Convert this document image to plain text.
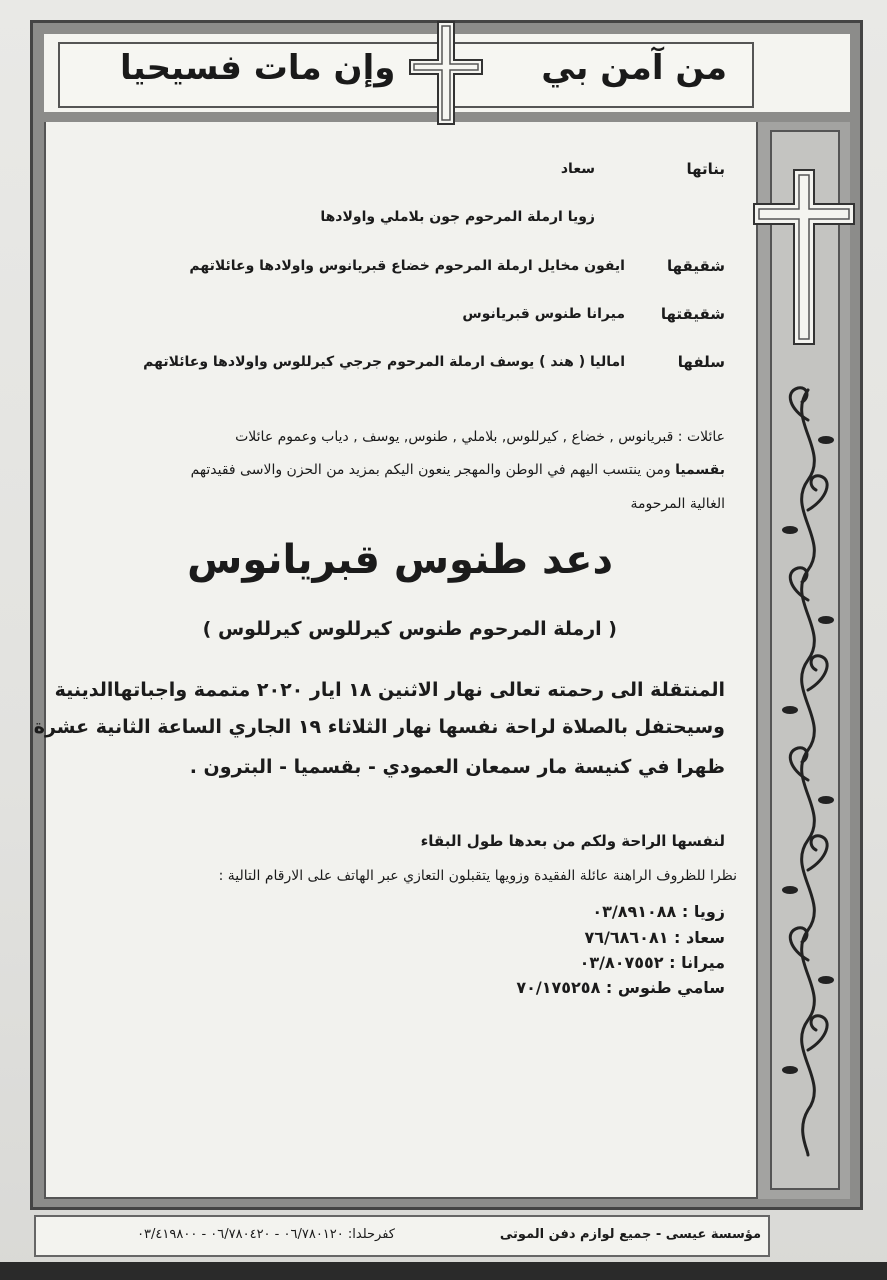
من آمن بي
وإن مات فسيحيا
بناتها
سعاد
زويا ارملة المرحوم جون بلاملي واولادها
شقيقها
ايفون مخايل ارملة المرحوم خضاع قبريانوس واولادها وعائلاتهم
شقيقتها
ميرانا طنوس قبريانوس
سلفها
اماليا ( هند ) يوسف ارملة المرحوم جرجي كيرللوس واولادها وعائلاتهم
عائلات : قبريانوس , خضاع , كيرللوس, بلاملي , طنوس, يوسف , دياب وعموم عائلات
بقسميا ومن ينتسب اليهم في الوطن والمهجر ينعون اليكم بمزيد من الحزن والاسى فقيدتهم
الغالية المرحومة
دعد طنوس قبريانوس
( ارملة المرحوم طنوس كيرللوس كيرللوس )
المنتقلة الى رحمته تعالى نهار الاثنين ١٨ ايار ٢٠٢٠ متممة واجباتهاالدينية
وسيحتفل بالصلاة لراحة نفسها نهار الثلاثاء ١٩ الجاري الساعة الثانية عشرة
ظهرا في كنيسة مار سمعان العمودي - بقسميا - البترون .
لنفسها الراحة ولكم من بعدها طول البقاء
نظرا للظروف الراهنة عائلة الفقيدة وزويها يتقبلون التعازي عبر الهاتف على الارقام التالية :
زويا : ٠٣/٨٩١٠٨٨
سعاد : ٧٦/٦٨٦٠٨١
ميرانا : ٠٣/٨٠٧٥٥٢
سامي طنوس : ٧٠/١٧٥٢٥٨
مؤسسة عيسى - جميع لوازم دفن الموتى
كفرحلدا: ٠٦/٧٨٠١٢٠ - ٠٦/٧٨٠٤٢٠ - ٠٣/٤١٩٨٠٠
